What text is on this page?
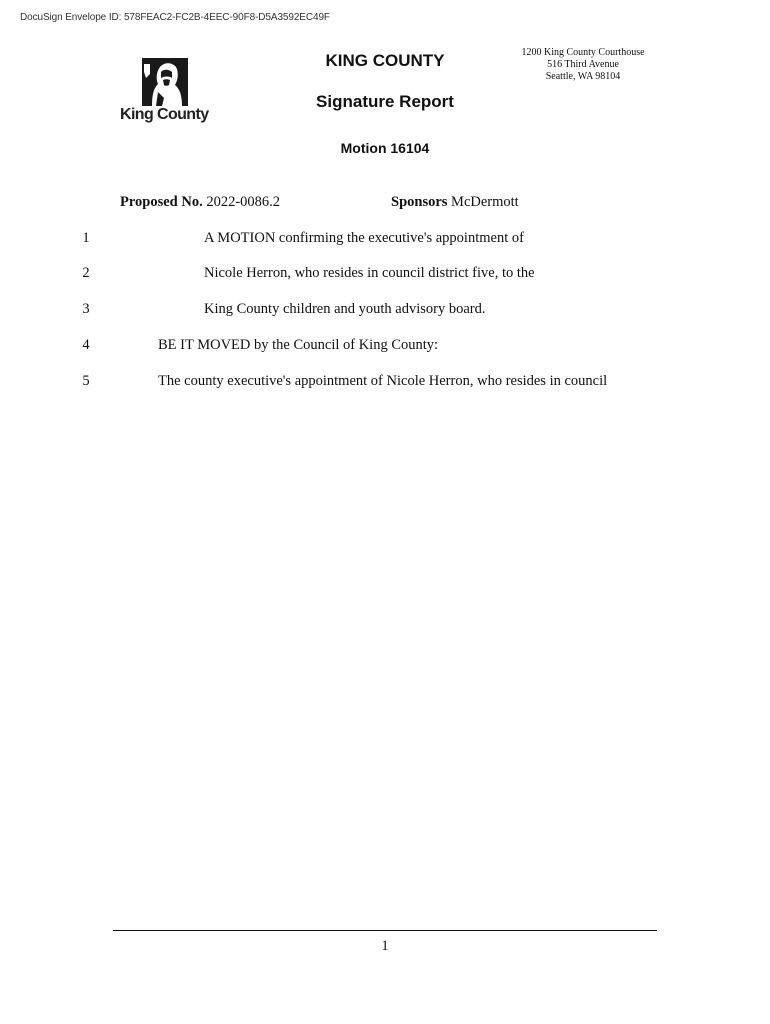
DocuSign Envelope ID: 578FEAC2-FC2B-4EEC-90F8-D5A3592EC49F
King County
KING COUNTY	1200 King County Courthouse
516 Third Avenue
Seattle, WA 98104
Signature Report
Motion 16104
Proposed No. 2022-0086.2	Sponsors McDermott
1	A MOTION confirming the executive's appointment of
2	Nicole Herron, who resides in council district five, to the
3	King County children and youth advisory board.
4	BE IT MOVED by the Council of King County:
5	The county executive's appointment of Nicole Herron, who resides in council
1
